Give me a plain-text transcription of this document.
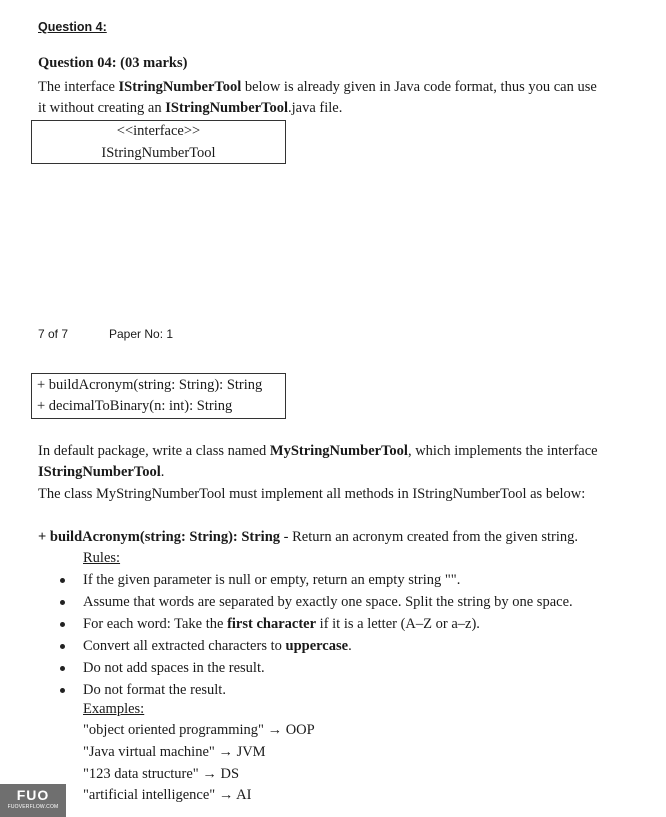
Question 4:
Question 04: (03 marks)
The interface IStringNumberTool below is already given in Java code format, thus you can use
it without creating an IStringNumberTool.java file.
<<interface>>
IStringNumberTool
7 of 7	Paper No: 1
+ buildAcronym(string: String): String
+ decimalToBinary(n: int): String
In default package, write a class named MyStringNumberTool, which implements the interface
IStringNumberTool.
The class MyStringNumberTool must implement all methods in IStringNumberTool as below:
+ buildAcronym(string: String): String - Return an acronym created from the given string.
Rules:
If the given parameter is null or empty, return an empty string "".
Assume that words are separated by exactly one space. Split the string by one space.
For each word: Take the first character if it is a letter (A–Z or a–z).
Convert all extracted characters to uppercase.
Do not add spaces in the result.
Do not format the result.
Examples:
"object oriented programming" → OOP
"Java virtual machine" → JVM
"123 data structure" → DS
"artificial intelligence" → AI
FUO
FUOVERFLOW.COM
